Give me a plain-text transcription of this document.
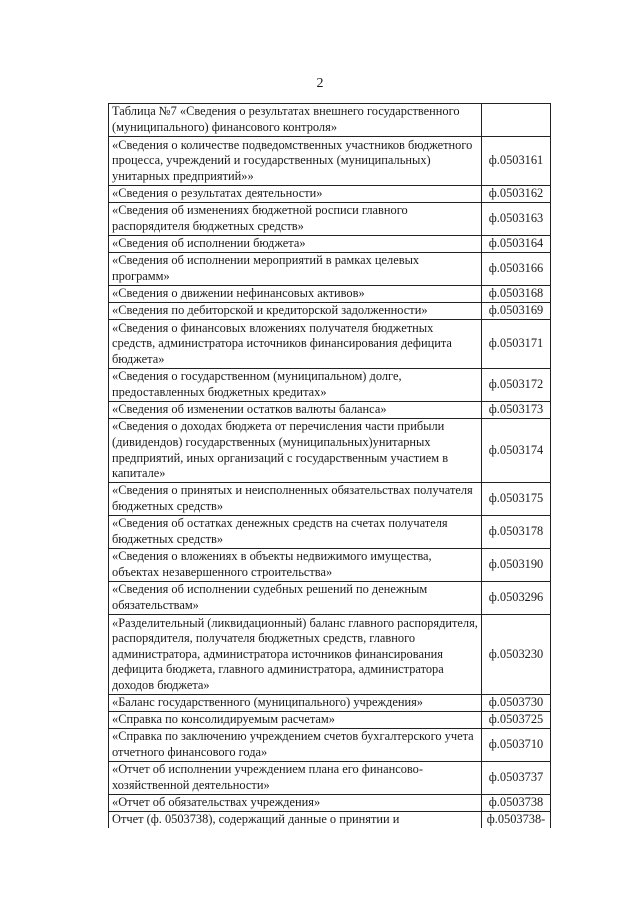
2
Таблица №7 «Сведения о результатах внешнего государственного (муниципального) финансового контроля»	
«Сведения о количестве подведомственных участников бюджетного процесса, учреждений и государственных (муниципальных) унитарных предприятий»»	ф.0503161
«Сведения о результатах деятельности»	ф.0503162
«Сведения об изменениях бюджетной росписи главного распорядителя бюджетных средств»	ф.0503163
«Сведения об исполнении бюджета»	ф.0503164
«Сведения об исполнении мероприятий в рамках целевых программ»	ф.0503166
«Сведения о движении нефинансовых активов»	ф.0503168
«Сведения по дебиторской и кредиторской задолженности»	ф.0503169
«Сведения о финансовых вложениях получателя бюджетных средств, администратора источников финансирования дефицита бюджета»	ф.0503171
«Сведения о государственном (муниципальном) долге, предоставленных бюджетных кредитах»	ф.0503172
«Сведения об изменении остатков валюты баланса»	ф.0503173
«Сведения о доходах бюджета от перечисления части прибыли (дивидендов) государственных (муниципальных)унитарных предприятий, иных организаций с государственным участием в капитале»	ф.0503174
«Сведения о принятых и неисполненных обязательствах получателя бюджетных средств»	ф.0503175
«Сведения об остатках денежных средств на счетах получателя бюджетных средств»	ф.0503178
«Сведения о вложениях в объекты недвижимого имущества, объектах незавершенного строительства»	ф.0503190
«Сведения об исполнении судебных решений по денежным обязательствам»	ф.0503296
«Разделительный (ликвидационный) баланс главного распорядителя, распорядителя, получателя бюджетных средств, главного администратора, администратора источников финансирования дефицита бюджета, главного администратора, администратора доходов бюджета»	ф.0503230
«Баланс государственного (муниципального) учреждения»	ф.0503730
«Справка по консолидируемым расчетам»	ф.0503725
«Справка по заключению учреждением счетов бухгалтерского учета отчетного финансового года»	ф.0503710
«Отчет об исполнении учреждением плана его финансово-хозяйственной деятельности»	ф.0503737
«Отчет об обязательствах учреждения»	ф.0503738
Отчет (ф. 0503738), содержащий данные о принятии и	ф.0503738-
